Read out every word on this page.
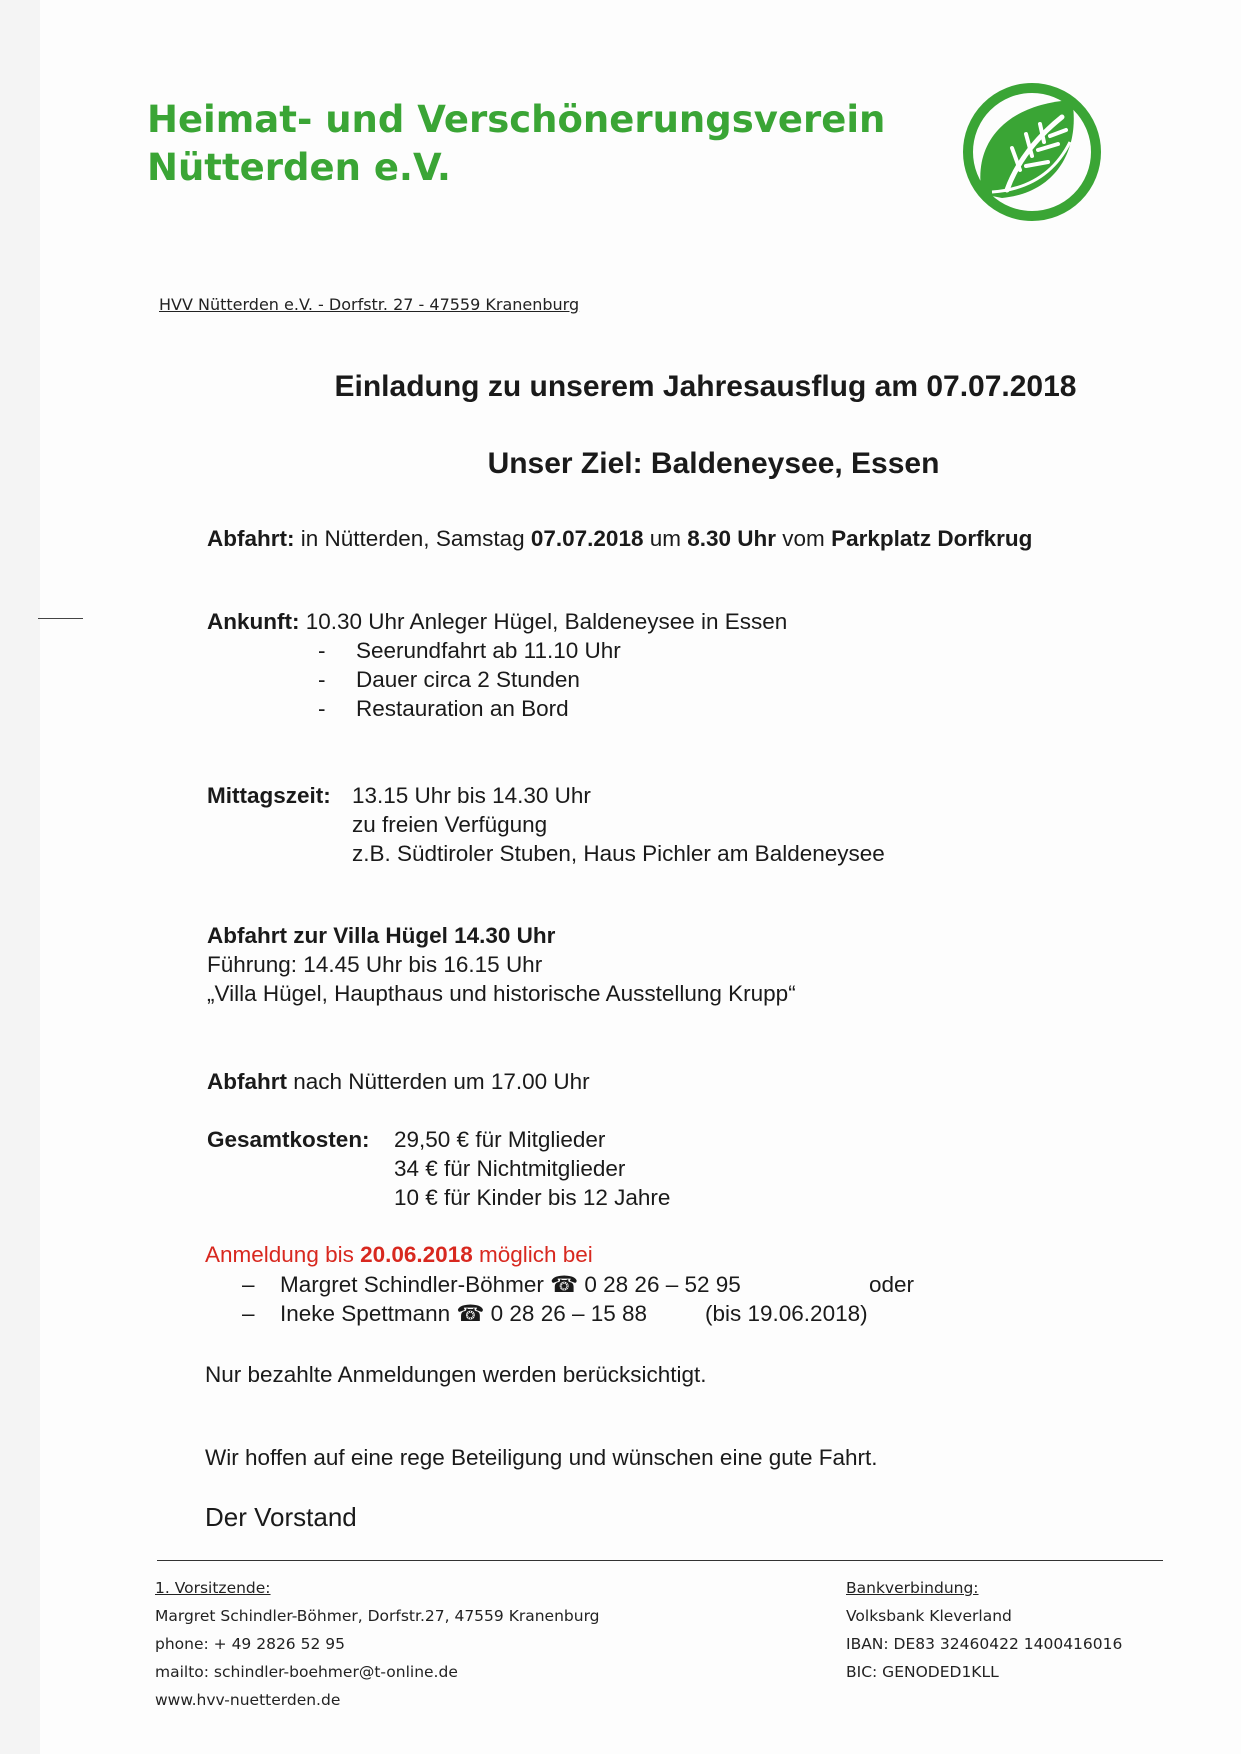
Heimat- und Verschönerungsverein
Nütterden e.V.
HVV Nütterden e.V. - Dorfstr. 27 - 47559 Kranenburg
Einladung zu unserem Jahresausflug am 07.07.2018
Unser Ziel: Baldeneysee, Essen
Abfahrt: in Nütterden, Samstag 07.07.2018 um 8.30 Uhr vom Parkplatz Dorfkrug
Ankunft: 10.30 Uhr Anleger Hügel, Baldeneysee in Essen
- Seerundfahrt ab 11.10 Uhr
- Dauer circa 2 Stunden
- Restauration an Bord
Mittagszeit: 13.15 Uhr bis 14.30 Uhr
zu freien Verfügung
z.B. Südtiroler Stuben, Haus Pichler am Baldeneysee
Abfahrt zur Villa Hügel 14.30 Uhr
Führung: 14.45 Uhr bis 16.15 Uhr
„Villa Hügel, Haupthaus und historische Ausstellung Krupp“
Abfahrt nach Nütterden um 17.00 Uhr
Gesamtkosten: 29,50 € für Mitglieder
34 € für Nichtmitglieder
10 € für Kinder bis 12 Jahre
Anmeldung bis 20.06.2018 möglich bei
– Margret Schindler-Böhmer ☎ 0 28 26 – 52 95	oder
– Ineke Spettmann ☎ 0 28 26 – 15 88	(bis 19.06.2018)
Nur bezahlte Anmeldungen werden berücksichtigt.
Wir hoffen auf eine rege Beteiligung und wünschen eine gute Fahrt.
Der Vorstand
1. Vorsitzende:
Margret Schindler-Böhmer, Dorfstr.27, 47559 Kranenburg
phone: + 49 2826 52 95
mailto: schindler-boehmer@t-online.de
www.hvv-nuetterden.de
Bankverbindung:
Volksbank Kleverland
IBAN: DE83 32460422 1400416016
BIC: GENODED1KLL
